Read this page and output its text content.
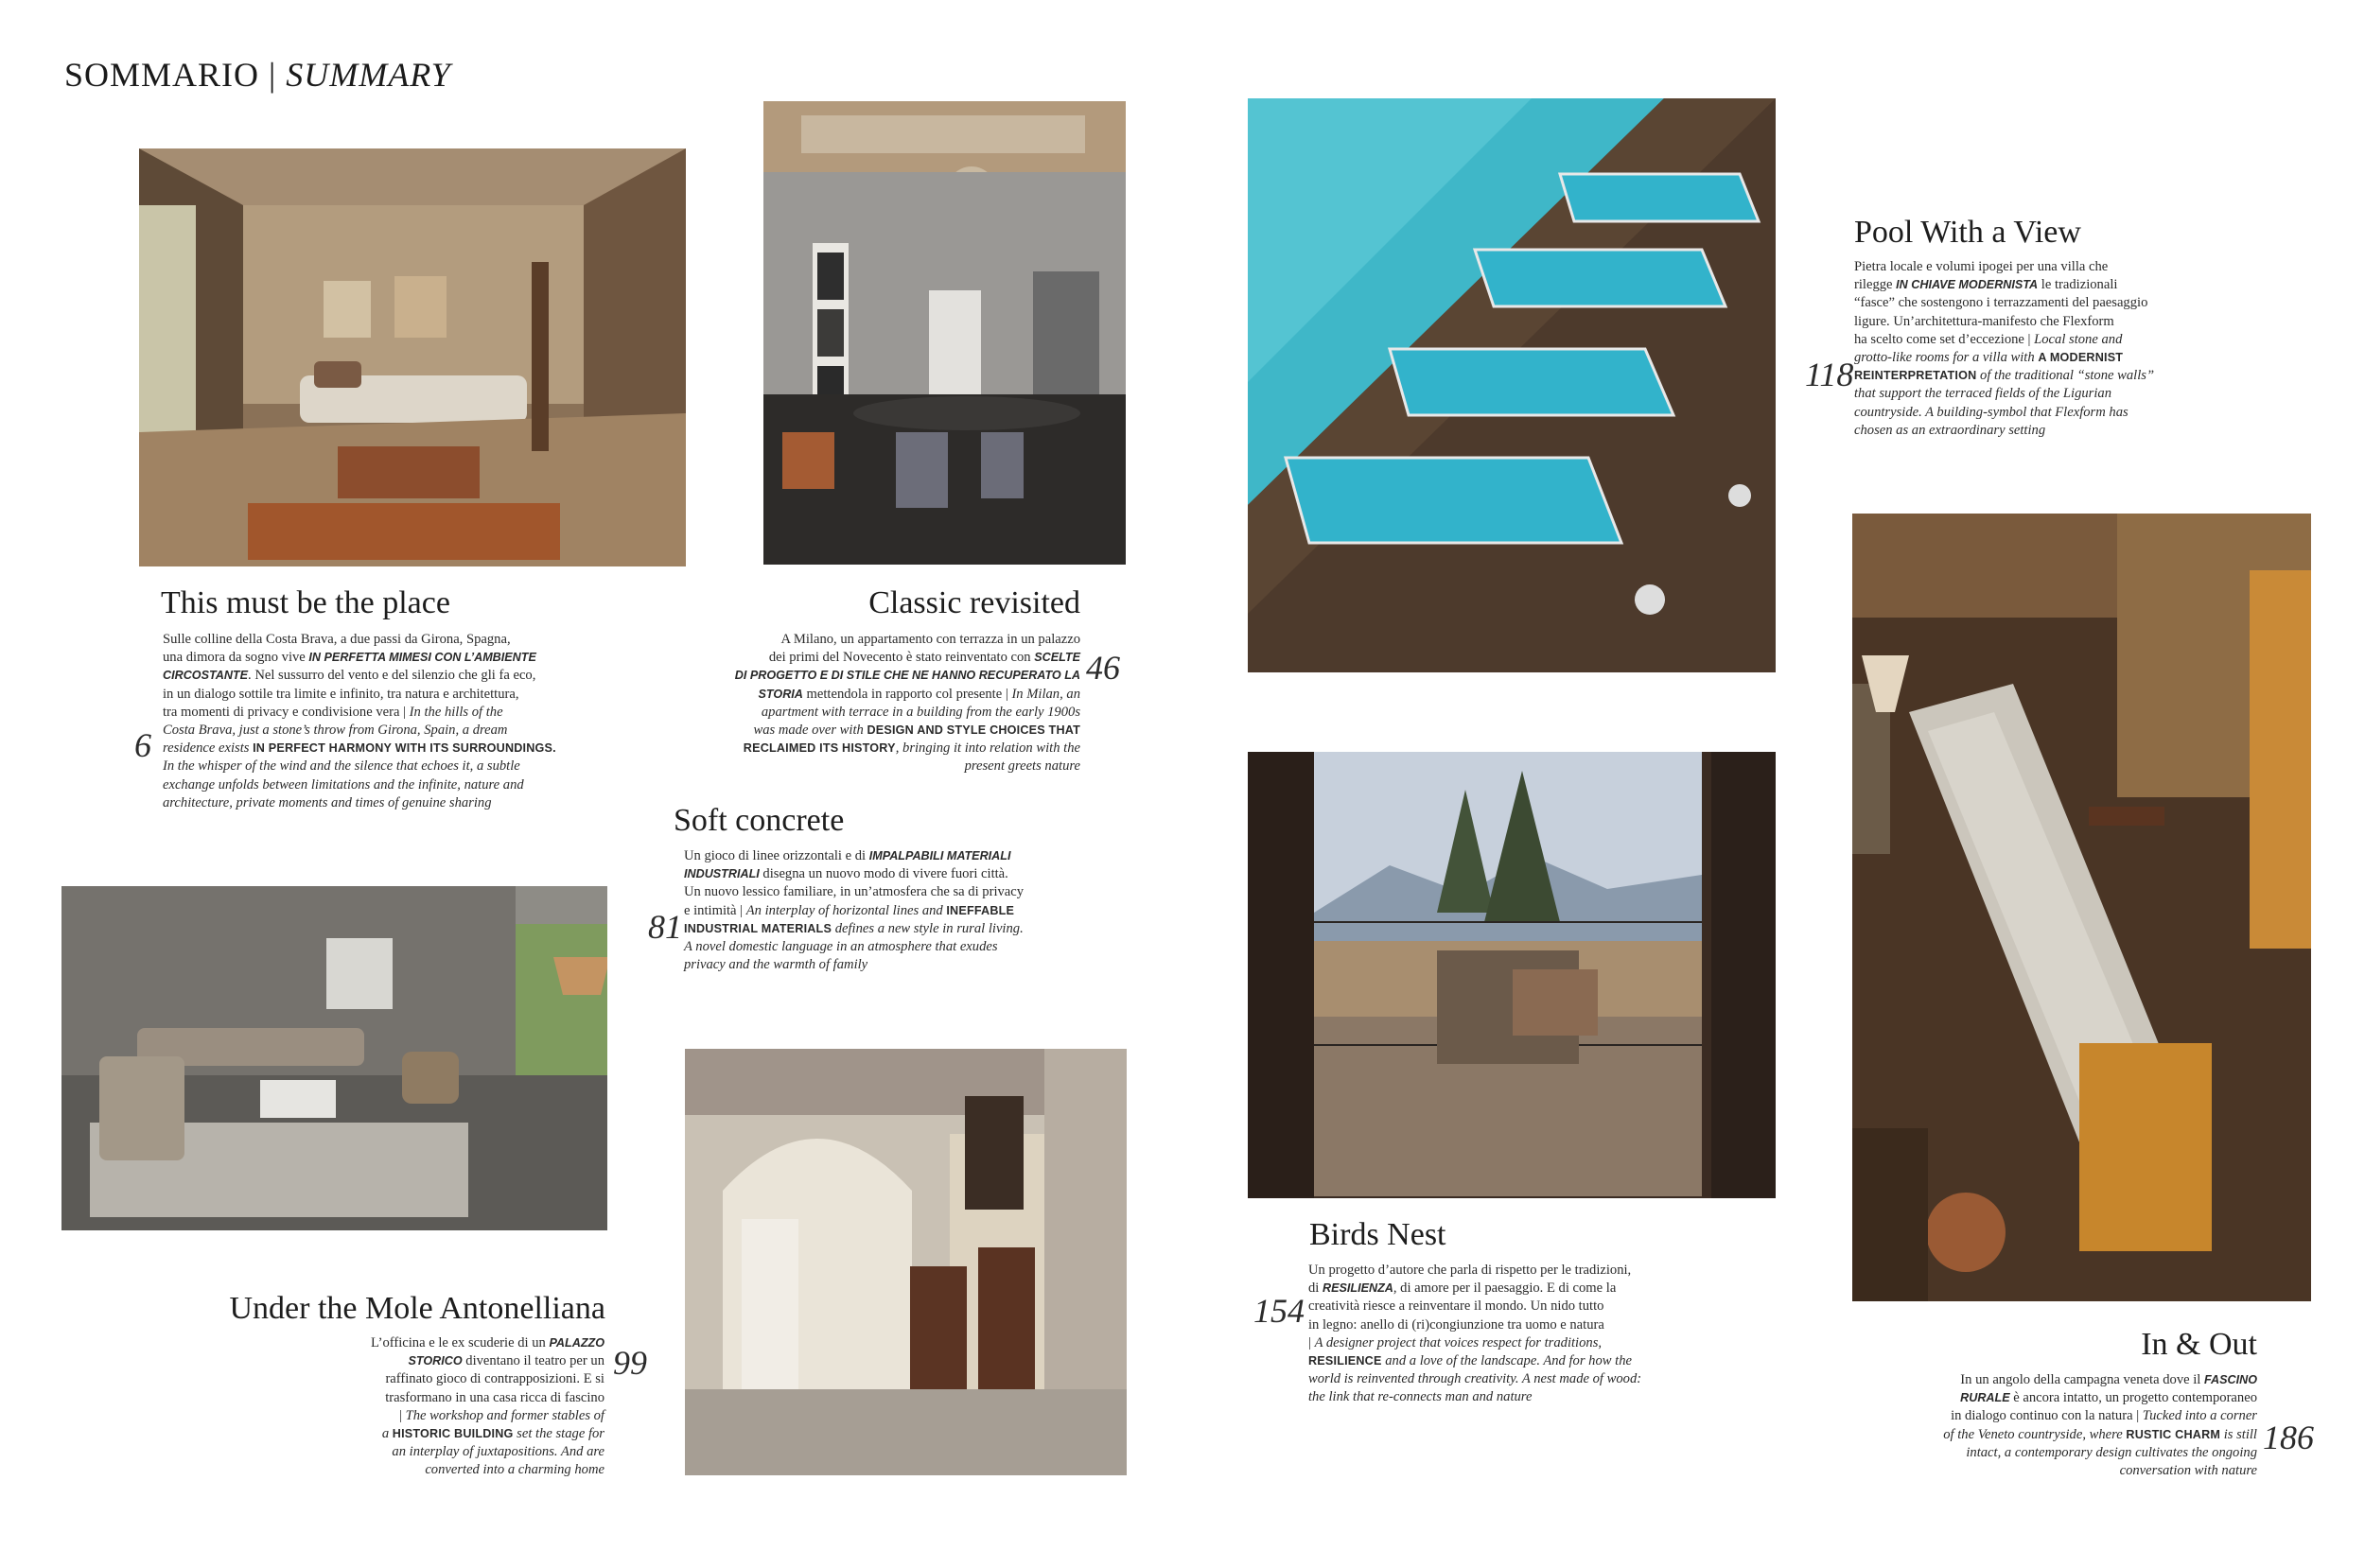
SOMMARIO | SUMMARY
This must be the place
6
Sulle colline della Costa Brava, a due passi da Girona, Spagna,
una dimora da sogno vive IN PERFETTA MIMESI CON L’AMBIENTE
CIRCOSTANTE. Nel sussurro del vento e del silenzio che gli fa eco,
in un dialogo sottile tra limite e infinito, tra natura e architettura,
tra momenti di privacy e condivisione vera | In the hills of the
Costa Brava, just a stone’s throw from Girona, Spain, a dream
residence exists IN PERFECT HARMONY WITH ITS SURROUNDINGS.
In the whisper of the wind and the silence that echoes it, a subtle
exchange unfolds between limitations and the infinite, nature and
architecture, private moments and times of genuine sharing
Classic revisited
46
A Milano, un appartamento con terrazza in un palazzo
dei primi del Novecento è stato reinventato con SCELTE
DI PROGETTO E DI STILE CHE NE HANNO RECUPERATO LA
STORIA mettendola in rapporto col presente | In Milan, an
apartment with terrace in a building from the early 1900s
was made over with DESIGN AND STYLE CHOICES THAT
RECLAIMED ITS HISTORY, bringing it into relation with the
present greets nature
Soft concrete
81
Un gioco di linee orizzontali e di IMPALPABILI MATERIALI
INDUSTRIALI disegna un nuovo modo di vivere fuori città.
Un nuovo lessico familiare, in un’atmosfera che sa di privacy
e intimità | An interplay of horizontal lines and INEFFABLE
INDUSTRIAL MATERIALS defines a new style in rural living.
A novel domestic language in an atmosphere that exudes
privacy and the warmth of family
Under the Mole Antonelliana
99
L’officina e le ex scuderie di un PALAZZO
STORICO diventano il teatro per un
raffinato gioco di contrapposizioni. E si
trasformano in una casa ricca di fascino
| The workshop and former stables of
a HISTORIC BUILDING set the stage for
an interplay of juxtapositions. And are
converted into a charming home
Pool With a View
118
Pietra locale e volumi ipogei per una villa che
rilegge IN CHIAVE MODERNISTA le tradizionali
“fasce” che sostengono i terrazzamenti del paesaggio
ligure. Un’architettura-manifesto che Flexform
ha scelto come set d’eccezione | Local stone and
grotto-like rooms for a villa with A MODERNIST
REINTERPRETATION of the traditional “stone walls”
that support the terraced fields of the Ligurian
countryside. A building-symbol that Flexform has
chosen as an extraordinary setting
Birds Nest
154
Un progetto d’autore che parla di rispetto per le tradizioni,
di RESILIENZA, di amore per il paesaggio. E di come la
creatività riesce a reinventare il mondo. Un nido tutto
in legno: anello di (ri)congiunzione tra uomo e natura
| A designer project that voices respect for traditions,
RESILIENCE and a love of the landscape. And for how the
world is reinvented through creativity. A nest made of wood:
the link that re-connects man and nature
In & Out
186
In un angolo della campagna veneta dove il FASCINO
RURALE è ancora intatto, un progetto contemporaneo
in dialogo continuo con la natura | Tucked into a corner
of the Veneto countryside, where RUSTIC CHARM is still
intact, a contemporary design cultivates the ongoing
conversation with nature
